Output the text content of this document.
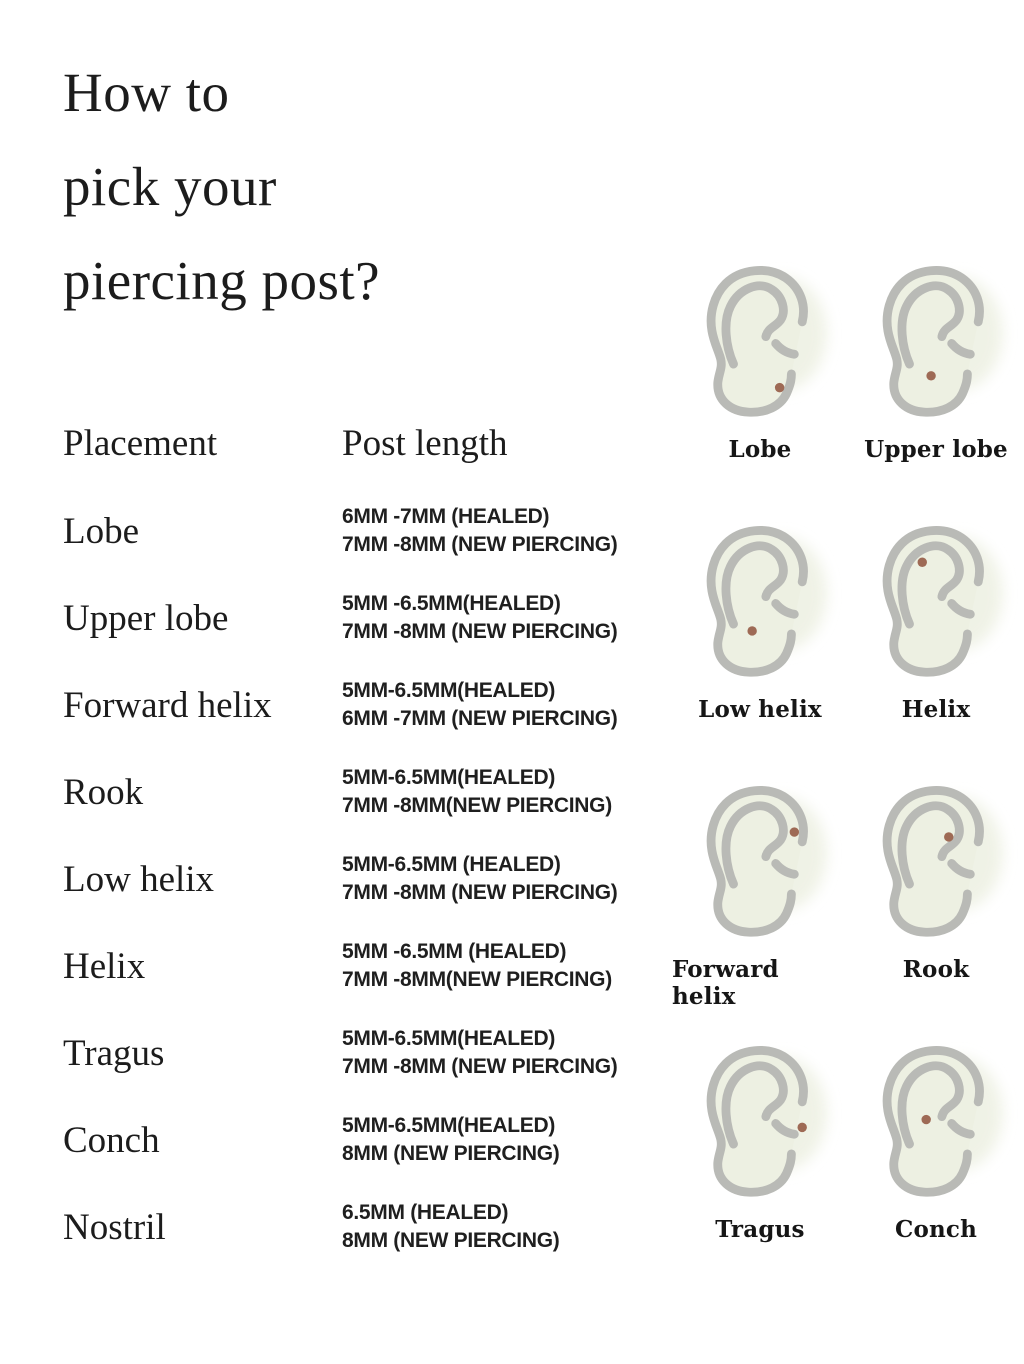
How to
pick your
piercing post?
Placement	Post length
Lobe	6MM -7MM (HEALED)
7MM -8MM (NEW PIERCING)
Upper lobe	5MM -6.5MM(HEALED)
7MM -8MM (NEW PIERCING)
Forward helix	5MM-6.5MM(HEALED)
6MM -7MM (NEW PIERCING)
Rook	5MM-6.5MM(HEALED)
7MM -8MM(NEW PIERCING)
Low helix	5MM-6.5MM (HEALED)
7MM -8MM (NEW PIERCING)
Helix	5MM -6.5MM (HEALED)
7MM -8MM(NEW PIERCING)
Tragus	5MM-6.5MM(HEALED)
7MM -8MM (NEW PIERCING)
Conch	5MM-6.5MM(HEALED)
8MM (NEW PIERCING)
Nostril	6.5MM (HEALED)
8MM (NEW PIERCING)
Lobe	Upper lobe
Low helix	Helix
Forward helix
Rook
Tragus	Conch
